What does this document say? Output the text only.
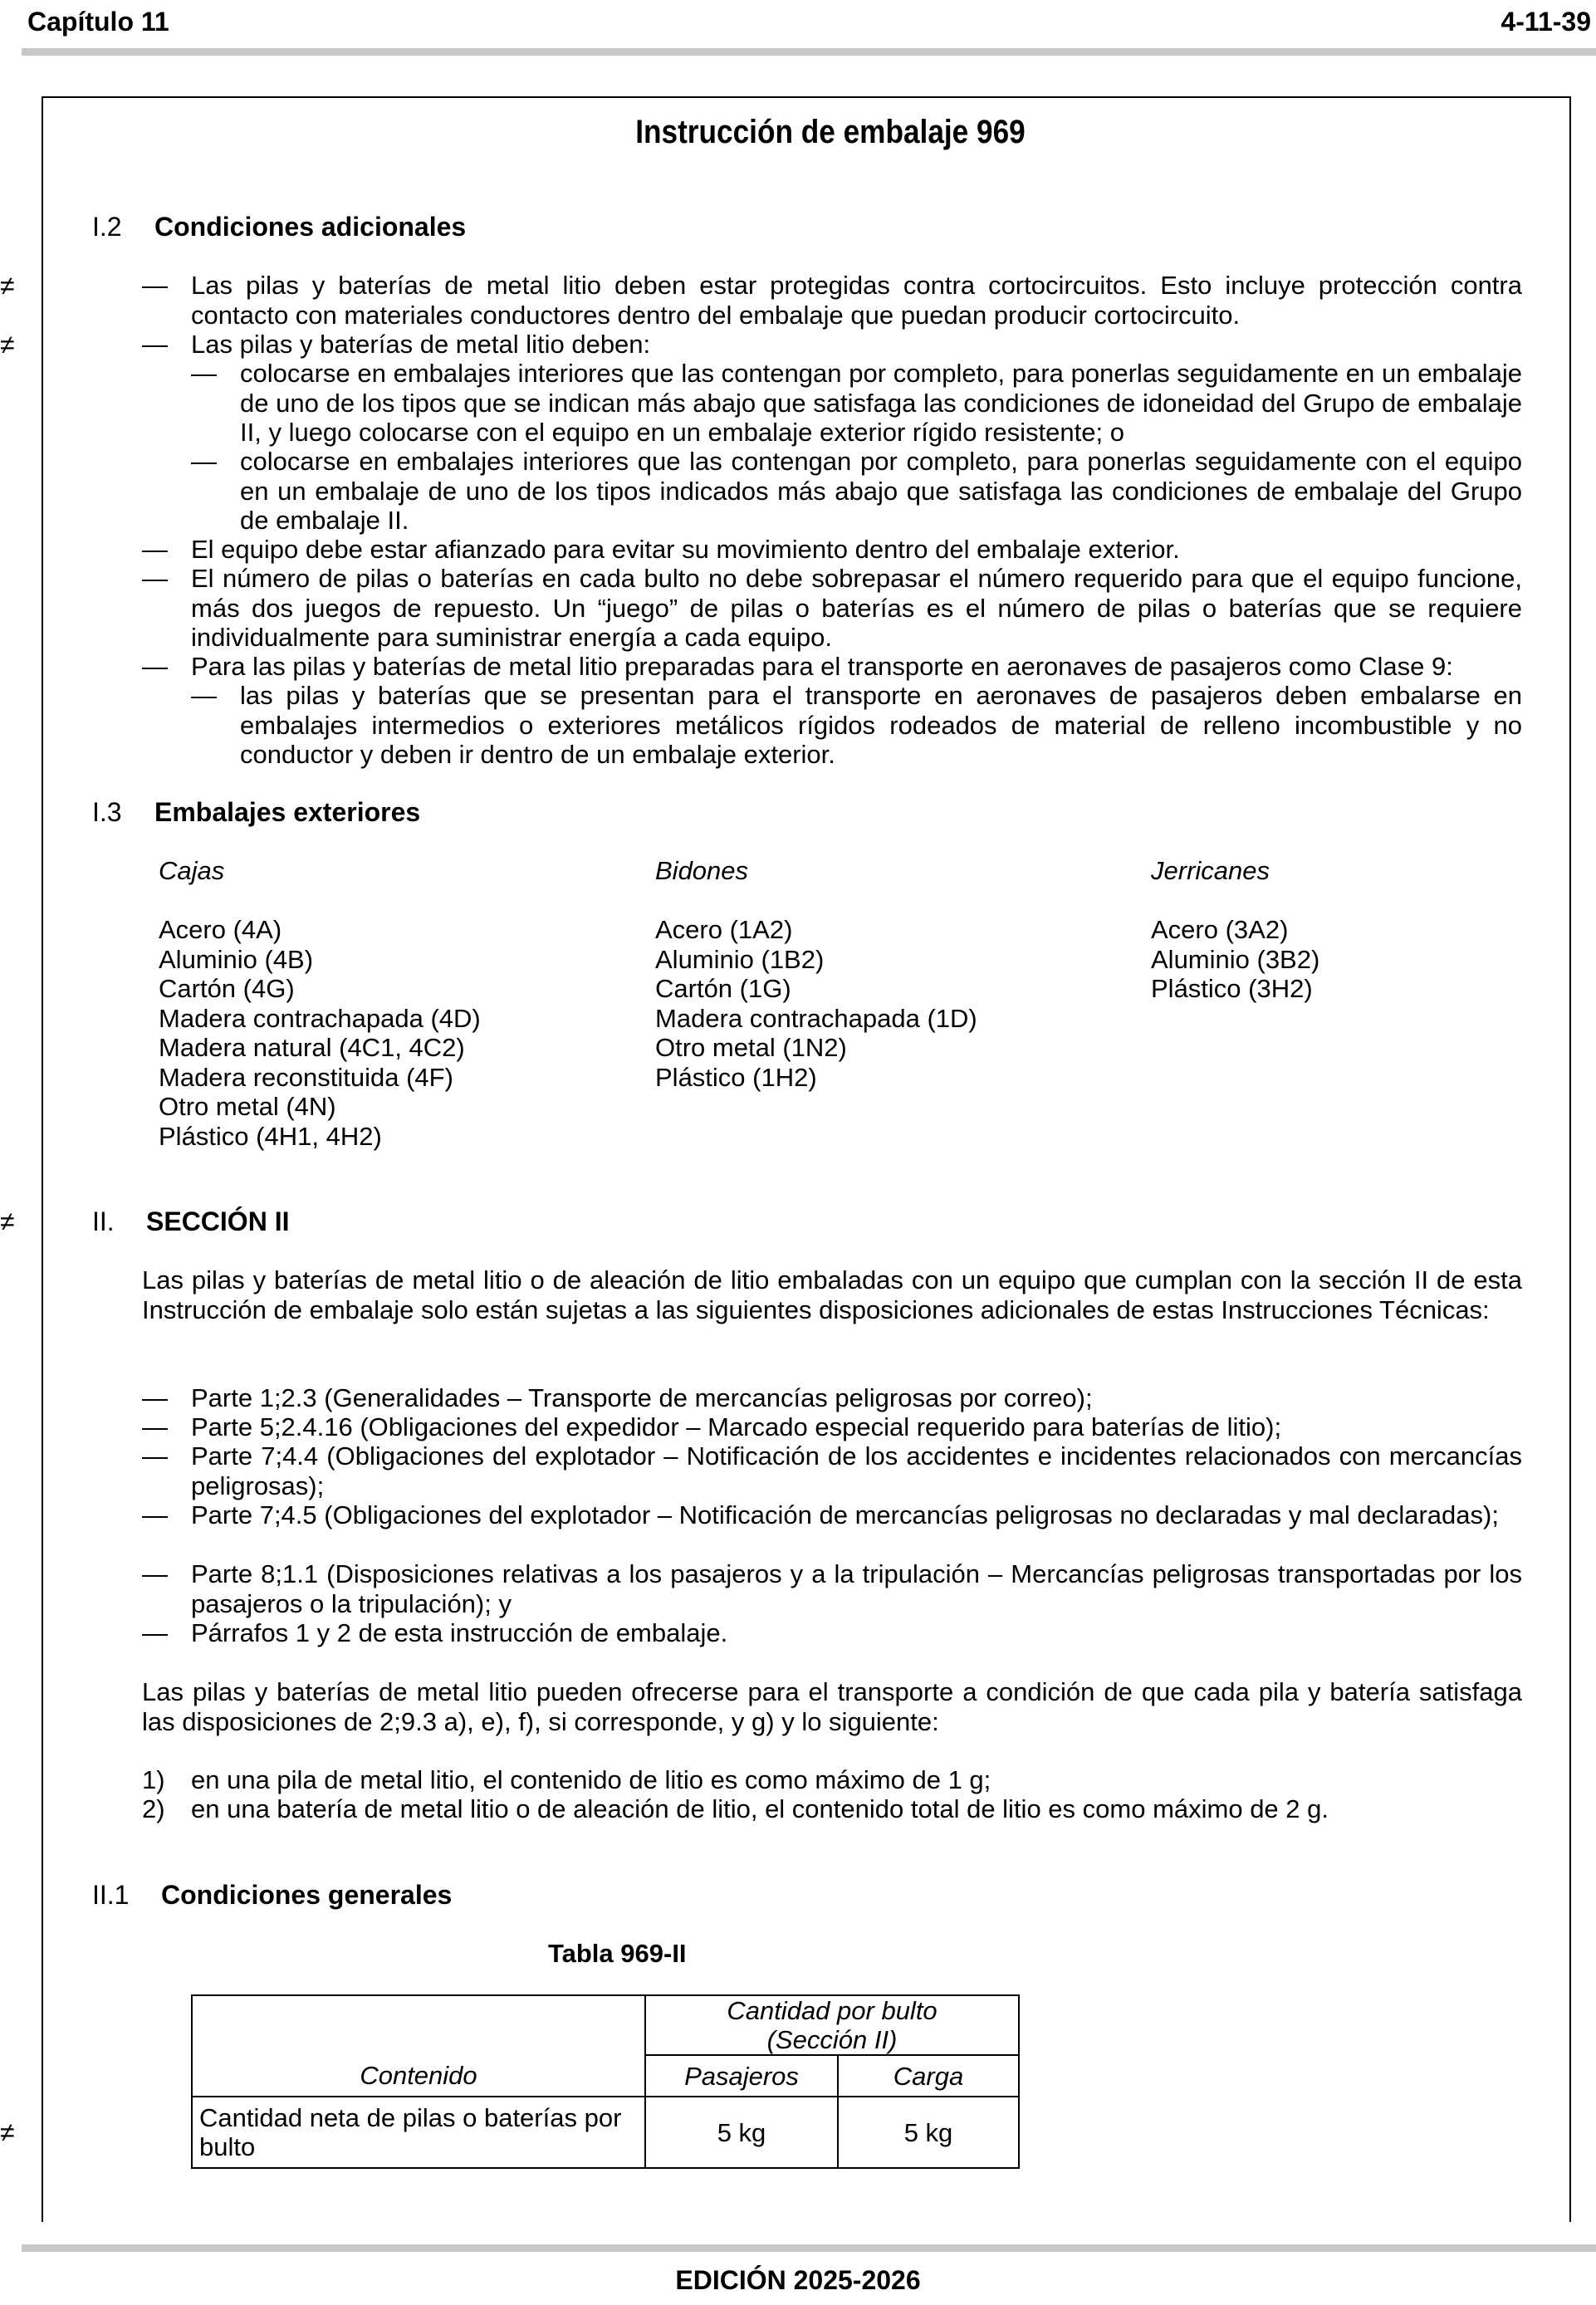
Capítulo 11	4-11-39
Instrucción de embalaje 969
I.2 Condiciones adicionales
≠	— Las pilas y baterías de metal litio deben estar protegidas contra cortocircuitos. Esto incluye protección contra contacto con materiales conductores dentro del embalaje que puedan producir cortocircuito.
≠	— Las pilas y baterías de metal litio deben:
— colocarse en embalajes interiores que las contengan por completo, para ponerlas seguidamente en un embalaje de uno de los tipos que se indican más abajo que satisfaga las condiciones de idoneidad del Grupo de embalaje II, y luego colocarse con el equipo en un embalaje exterior rígido resistente; o
— colocarse en embalajes interiores que las contengan por completo, para ponerlas seguidamente con el equipo en un embalaje de uno de los tipos indicados más abajo que satisfaga las condiciones de embalaje del Grupo de embalaje II.
— El equipo debe estar afianzado para evitar su movimiento dentro del embalaje exterior.
— El número de pilas o baterías en cada bulto no debe sobrepasar el número requerido para que el equipo funcione, más dos juegos de repuesto. Un “juego” de pilas o baterías es el número de pilas o baterías que se requiere individualmente para suministrar energía a cada equipo.
— Para las pilas y baterías de metal litio preparadas para el transporte en aeronaves de pasajeros como Clase 9:
— las pilas y baterías que se presentan para el transporte en aeronaves de pasajeros deben embalarse en embalajes intermedios o exteriores metálicos rígidos rodeados de material de relleno incombustible y no conductor y deben ir dentro de un embalaje exterior.
I.3 Embalajes exteriores
Cajas
Acero (4A)
Aluminio (4B)
Cartón (4G)
Madera contrachapada (4D)
Madera natural (4C1, 4C2)
Madera reconstituida (4F)
Otro metal (4N)
Plástico (4H1, 4H2)
Bidones
Acero (1A2)
Aluminio (1B2)
Cartón (1G)
Madera contrachapada (1D)
Otro metal (1N2)
Plástico (1H2)
Jerricanes
Acero (3A2)
Aluminio (3B2)
Plástico (3H2)
≠	II. SECCIÓN II
Las pilas y baterías de metal litio o de aleación de litio embaladas con un equipo que cumplan con la sección II de esta Instrucción de embalaje solo están sujetas a las siguientes disposiciones adicionales de estas Instrucciones Técnicas:
— Parte 1;2.3 (Generalidades – Transporte de mercancías peligrosas por correo);
— Parte 5;2.4.16 (Obligaciones del expedidor – Marcado especial requerido para baterías de litio);
— Parte 7;4.4 (Obligaciones del explotador – Notificación de los accidentes e incidentes relacionados con mercancías peligrosas);
— Parte 7;4.5 (Obligaciones del explotador – Notificación de mercancías peligrosas no declaradas y mal declaradas);
— Parte 8;1.1 (Disposiciones relativas a los pasajeros y a la tripulación – Mercancías peligrosas transportadas por los pasajeros o la tripulación); y
— Párrafos 1 y 2 de esta instrucción de embalaje.
Las pilas y baterías de metal litio pueden ofrecerse para el transporte a condición de que cada pila y batería satisfaga las disposiciones de 2;9.3 a), e), f), si corresponde, y g) y lo siguiente:
1) en una pila de metal litio, el contenido de litio es como máximo de 1 g;
2) en una batería de metal litio o de aleación de litio, el contenido total de litio es como máximo de 2 g.
II.1 Condiciones generales
Tabla 969-II
≠

	Cantidad por bulto
(Sección II)	

Contenido	Pasajeros	Carga
Cantidad neta de pilas o baterías por bulto	5 kg	5 kg
EDICIÓN 2025-2026
